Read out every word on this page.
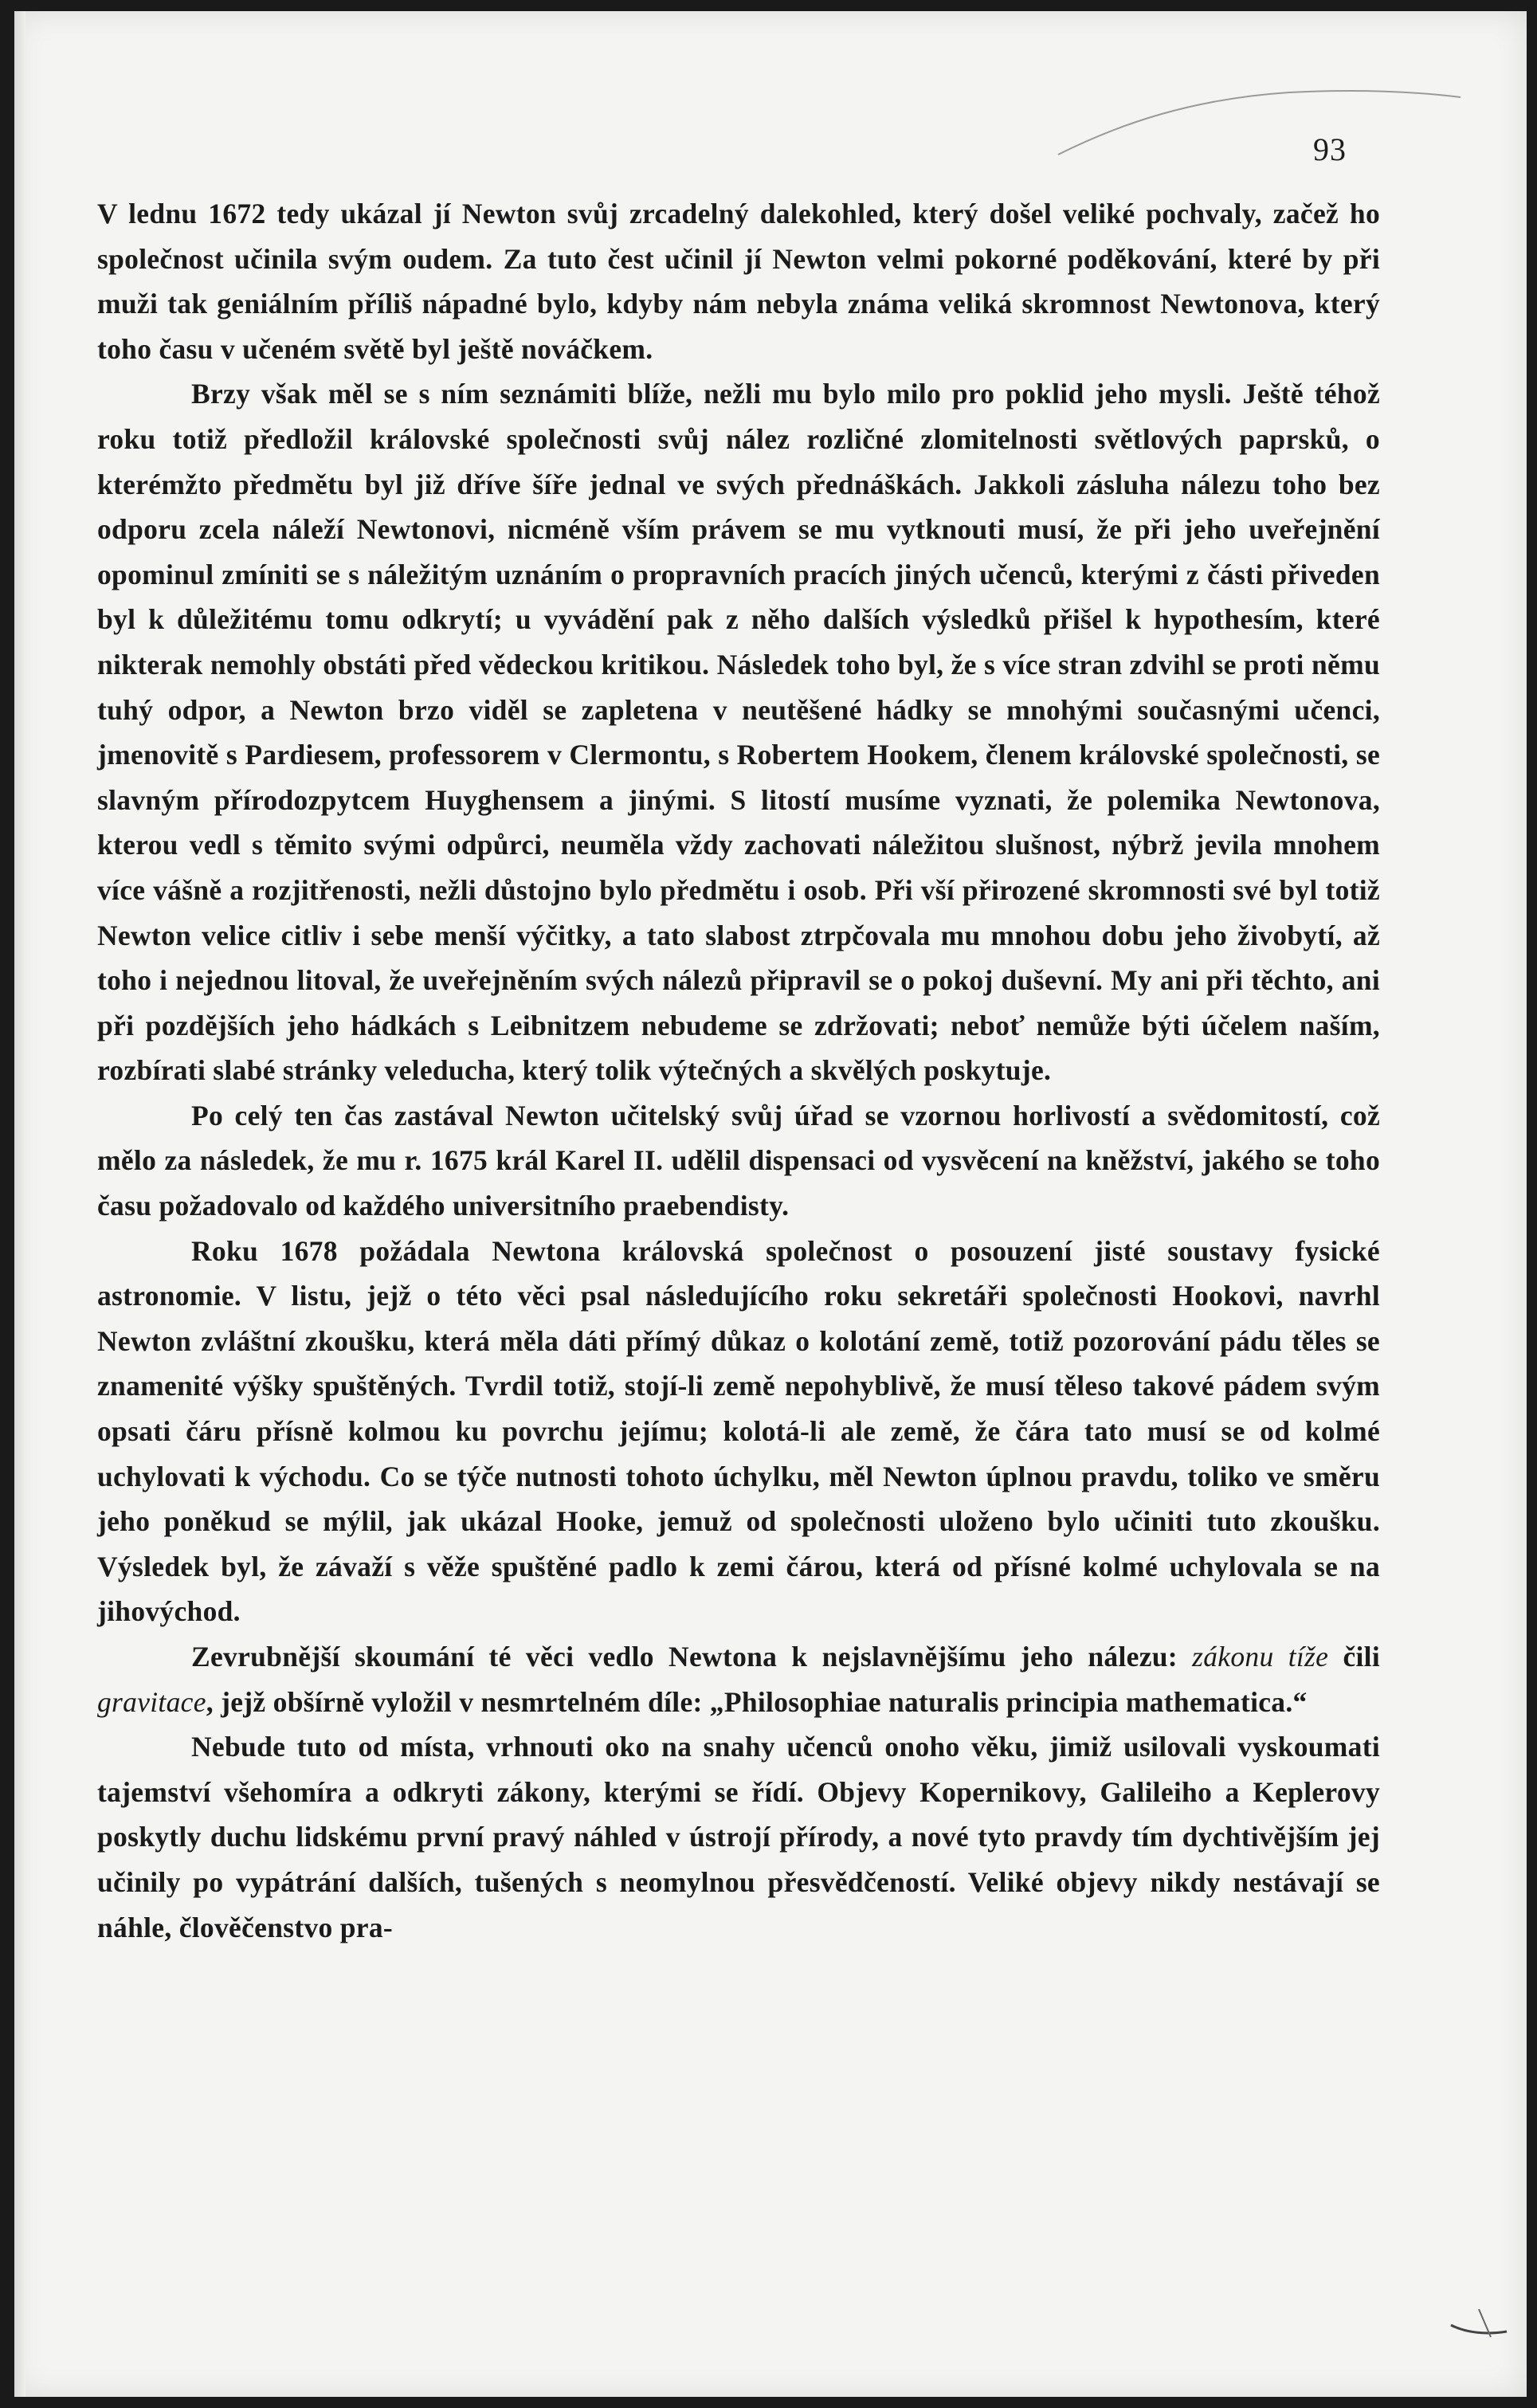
93

V lednu 1672 tedy ukázal jí Newton svůj zrcadelný dalekohled, který došel veliké pochvaly, začež ho společnost učinila svým oudem. Za tuto čest učinil jí Newton velmi pokorné poděkování, které by při muži tak geniálním příliš nápadné bylo, kdyby nám nebyla známa veliká skromnost Newtonova, který toho času v učeném světě byl ještě nováčkem.

Brzy však měl se s ním seznámiti blíže, nežli mu bylo milo pro poklid jeho mysli. Ještě téhož roku totiž předložil královské společnosti svůj nález rozličné zlomitelnosti světlových paprsků, o kterémžto předmětu byl již dříve šíře jednal ve svých přednáškách. Jakkoli zásluha nálezu toho bez odporu zcela náleží Newtonovi, nicméně vším právem se mu vytknouti musí, že při jeho uveřejnění opominul zmíniti se s náležitým uznáním o propravních pracích jiných učenců, kterými z části přiveden byl k důležitému tomu odkrytí; u vyvádění pak z něho dalších výsledků přišel k hypothesím, které nikterak nemohly obstáti před vědeckou kritikou. Následek toho byl, že s více stran zdvihl se proti němu tuhý odpor, a Newton brzo viděl se zapletena v neutěšené hádky se mnohými současnými učenci, jmenovitě s Pardiesem, professorem v Clermontu, s Robertem Hookem, členem královské společnosti, se slavným přírodozpytcem Huyghensem a jinými. S litostí musíme vyznati, že polemika Newtonova, kterou vedl s těmito svými odpůrci, neuměla vždy zachovati náležitou slušnost, nýbrž jevila mnohem více vášně a rozjitřenosti, nežli důstojno bylo předmětu i osob. Při vší přirozené skromnosti své byl totiž Newton velice citliv i sebe menší výčitky, a tato slabost ztrpčovala mu mnohou dobu jeho živobytí, až toho i nejednou litoval, že uveřejněním svých nálezů připravil se o pokoj duševní. My ani při těchto, ani při pozdějších jeho hádkách s Leibnitzem nebudeme se zdržovati; neboť nemůže býti účelem naším, rozbírati slabé stránky veleducha, který tolik výtečných a skvělých poskytuje.

Po celý ten čas zastával Newton učitelský svůj úřad se vzornou horlivostí a svědomitostí, což mělo za následek, že mu r. 1675 král Karel II. udělil dispensaci od vysvěcení na kněžství, jakého se toho času požadovalo od každého universitního praebendisty.

Roku 1678 požádala Newtona královská společnost o posouzení jisté soustavy fysické astronomie. V listu, jejž o této věci psal následujícího roku sekretáři společnosti Hookovi, navrhl Newton zvláštní zkoušku, která měla dáti přímý důkaz o kolotání země, totiž pozorování pádu těles se znamenité výšky spuštěných. Tvrdil totiž, stojí-li země nepohyblivě, že musí těleso takové pádem svým opsati čáru přísně kolmou ku povrchu jejímu; kolotá-li ale země, že čára tato musí se od kolmé uchylovati k východu. Co se týče nutnosti tohoto úchylku, měl Newton úplnou pravdu, toliko ve směru jeho poněkud se mýlil, jak ukázal Hooke, jemuž od společnosti uloženo bylo učiniti tuto zkoušku. Výsledek byl, že závaží s věže spuštěné padlo k zemi čárou, která od přísné kolmé uchylovala se na jihovýchod.

Zevrubnější skoumání té věci vedlo Newtona k nejslavnějšímu jeho nálezu: zákonu tíže čili gravitace, jejž obšírně vyložil v nesmrtelném díle: „Philosophiae naturalis principia mathematica.“

Nebude tuto od místa, vrhnouti oko na snahy učenců onoho věku, jimiž usilovali vyskoumati tajemství všehomíra a odkryti zákony, kterými se řídí. Objevy Kopernikovy, Galileiho a Keplerovy poskytly duchu lidskému první pravý náhled v ústrojí přírody, a nové tyto pravdy tím dychtivějším jej učinily po vypátrání dalších, tušených s neomylnou přesvědčeností. Veliké objevy nikdy nestávají se náhle, člověčenstvo pra-
